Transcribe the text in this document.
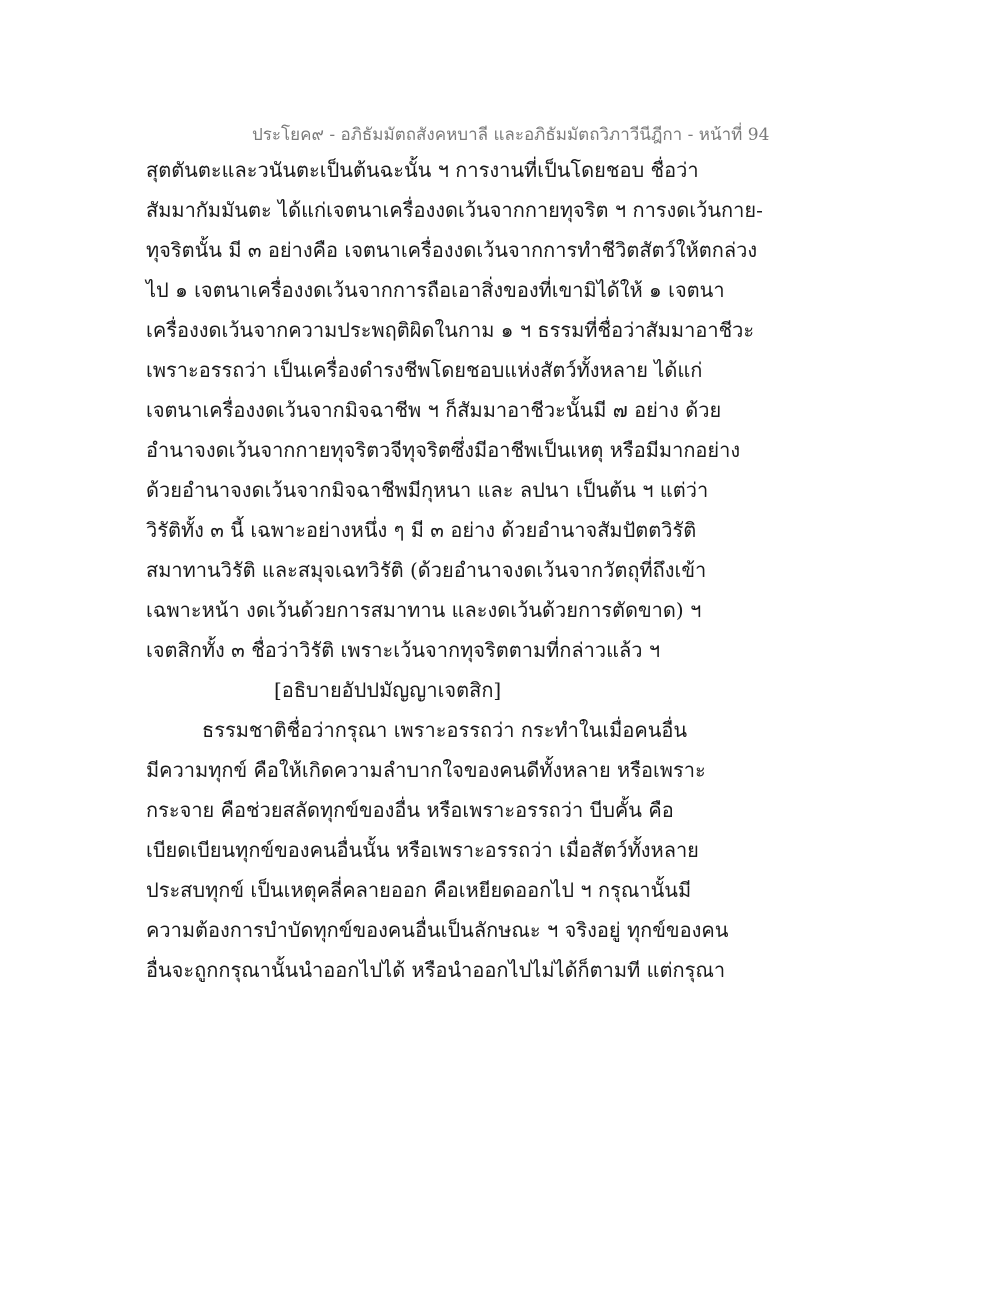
ประโยค๙ - อภิธัมมัตถสังคหบาลี และอภิธัมมัตถวิภาวีนีฎีกา - หน้าที่ 94
สุตตันตะและวนันตะเป็นต้นฉะนั้น ฯ การงานที่เป็นโดยชอบ ชื่อว่า
สัมมากัมมันตะ ได้แก่เจตนาเครื่องงดเว้นจากกายทุจริต ฯ การงดเว้นกาย-
ทุจริตนั้น มี ๓ อย่างคือ เจตนาเครื่องงดเว้นจากการทำชีวิตสัตว์ให้ตกล่วง
ไป ๑ เจตนาเครื่องงดเว้นจากการถือเอาสิ่งของที่เขามิได้ให้ ๑ เจตนา
เครื่องงดเว้นจากความประพฤติผิดในกาม ๑ ฯ ธรรมที่ชื่อว่าสัมมาอาชีวะ
เพราะอรรถว่า เป็นเครื่องดำรงชีพโดยชอบแห่งสัตว์ทั้งหลาย ได้แก่
เจตนาเครื่องงดเว้นจากมิจฉาชีพ ฯ ก็สัมมาอาชีวะนั้นมี ๗ อย่าง ด้วย
อำนาจงดเว้นจากกายทุจริตวจีทุจริตซึ่งมีอาชีพเป็นเหตุ หรือมีมากอย่าง
ด้วยอำนาจงดเว้นจากมิจฉาชีพมีกุหนา และ ลปนา เป็นต้น ฯ แต่ว่า
วิรัติทั้ง ๓ นี้ เฉพาะอย่างหนึ่ง ๆ มี ๓ อย่าง ด้วยอำนาจสัมปัตตวิรัติ
สมาทานวิรัติ และสมุจเฉทวิรัติ (ด้วยอำนาจงดเว้นจากวัตถุที่ถึงเข้า
เฉพาะหน้า งดเว้นด้วยการสมาทาน และงดเว้นด้วยการตัดขาด) ฯ
เจตสิกทั้ง ๓ ชื่อว่าวิรัติ เพราะเว้นจากทุจริตตามที่กล่าวแล้ว ฯ
[อธิบายอัปปมัญญาเจตสิก]
ธรรมชาติชื่อว่ากรุณา เพราะอรรถว่า กระทำในเมื่อคนอื่น
มีความทุกข์ คือให้เกิดความลำบากใจของคนดีทั้งหลาย หรือเพราะ
กระจาย คือช่วยสลัดทุกข์ของอื่น หรือเพราะอรรถว่า บีบคั้น คือ
เบียดเบียนทุกข์ของคนอื่นนั้น หรือเพราะอรรถว่า เมื่อสัตว์ทั้งหลาย
ประสบทุกข์ เป็นเหตุคลี่คลายออก คือเหยียดออกไป ฯ กรุณานั้นมี
ความต้องการบำบัดทุกข์ของคนอื่นเป็นลักษณะ ฯ จริงอยู่ ทุกข์ของคน
อื่นจะถูกกรุณานั้นนำออกไปได้ หรือนำออกไปไม่ได้ก็ตามที แต่กรุณา
